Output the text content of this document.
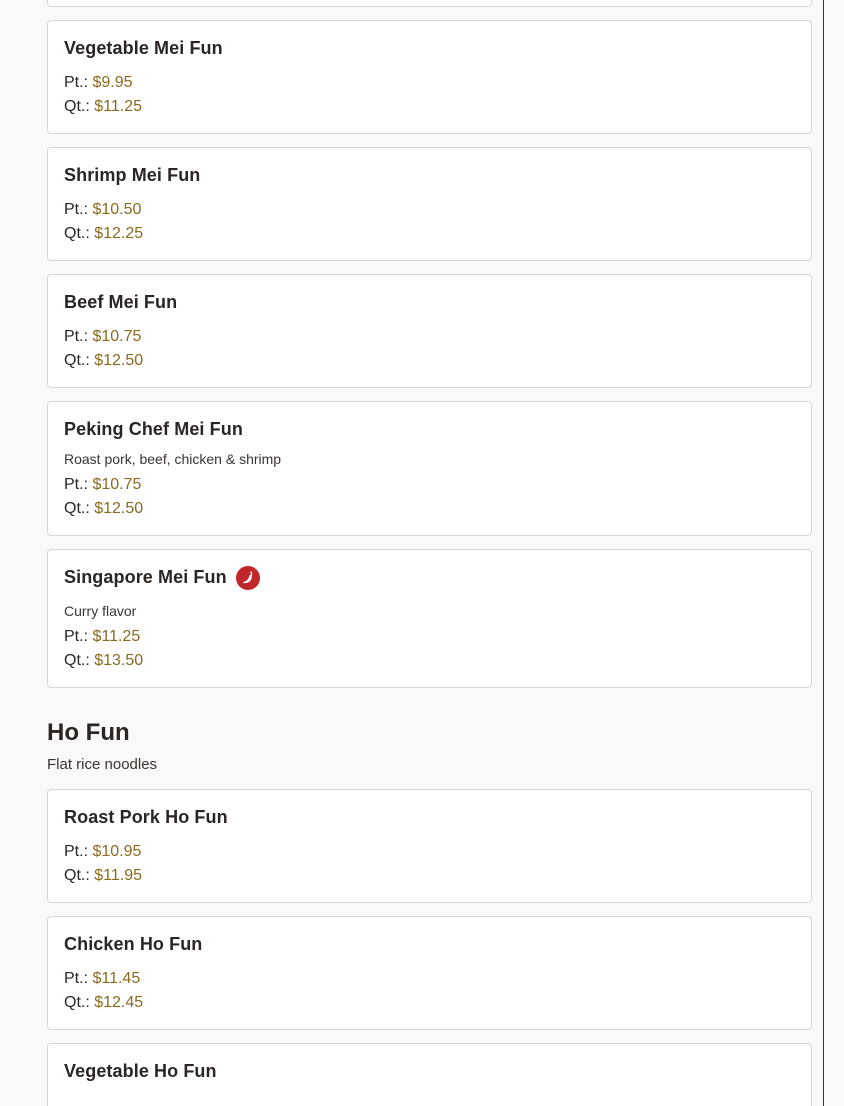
Vegetable Mei Fun
Pt.: $9.95
Qt.: $11.25
Shrimp Mei Fun
Pt.: $10.50
Qt.: $12.25
Beef Mei Fun
Pt.: $10.75
Qt.: $12.50
Peking Chef Mei Fun
Roast pork, beef, chicken & shrimp
Pt.: $10.75
Qt.: $12.50
Singapore Mei Fun
Curry flavor
Pt.: $11.25
Qt.: $13.50
Ho Fun
Flat rice noodles
Roast Pork Ho Fun
Pt.: $10.95
Qt.: $11.95
Chicken Ho Fun
Pt.: $11.45
Qt.: $12.45
Vegetable Ho Fun
